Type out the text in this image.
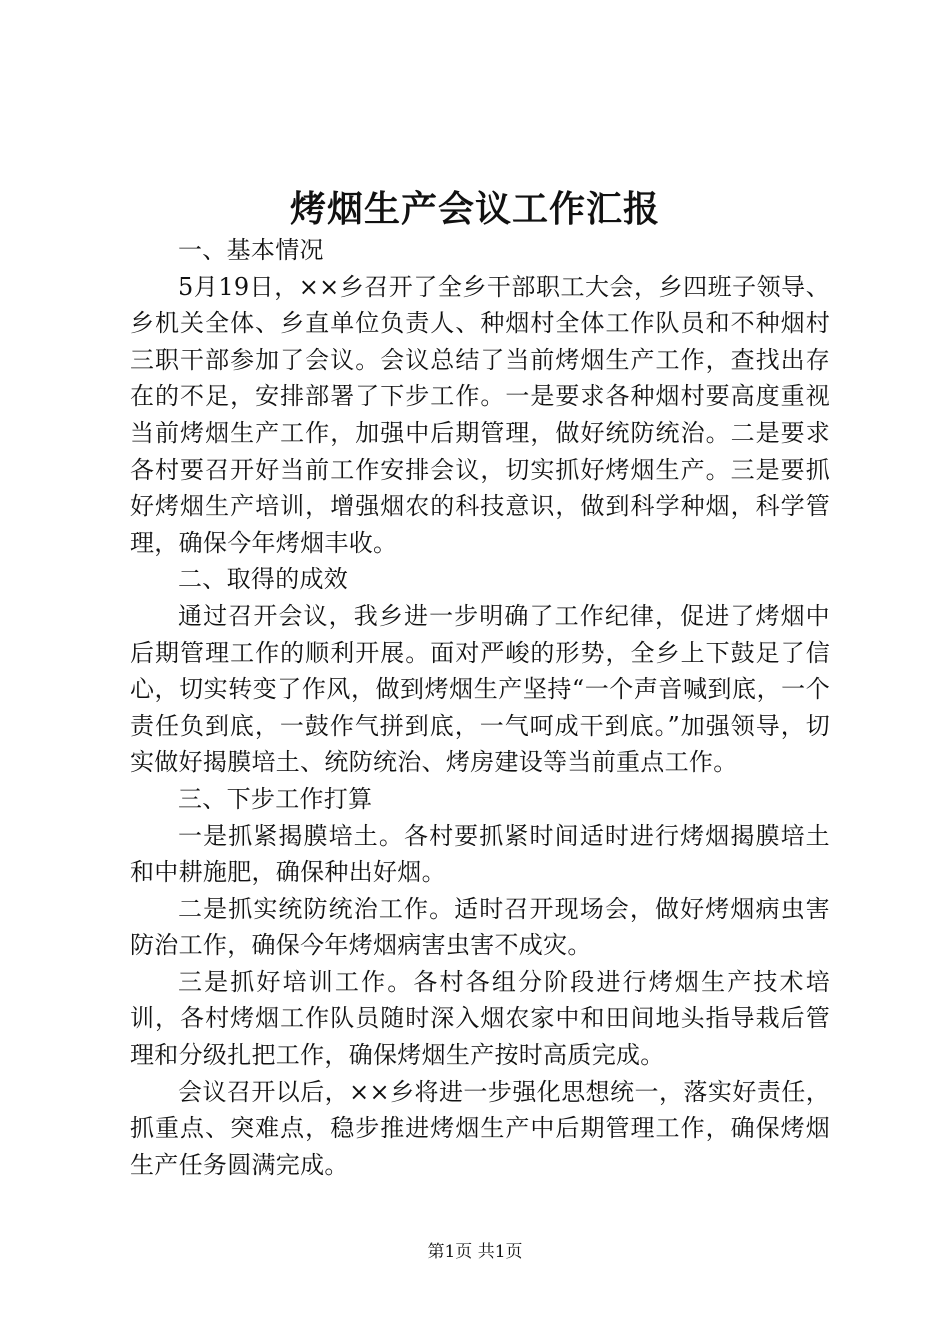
烤烟生产会议工作汇报

一、基本情况

5月19日，××乡召开了全乡干部职工大会，乡四班子领导、乡机关全体、乡直单位负责人、种烟村全体工作队员和不种烟村三职干部参加了会议。会议总结了当前烤烟生产工作，查找出存在的不足，安排部署了下步工作。一是要求各种烟村要高度重视当前烤烟生产工作，加强中后期管理，做好统防统治。二是要求各村要召开好当前工作安排会议，切实抓好烤烟生产。三是要抓好烤烟生产培训，增强烟农的科技意识，做到科学种烟，科学管理，确保今年烤烟丰收。

二、取得的成效

通过召开会议，我乡进一步明确了工作纪律，促进了烤烟中后期管理工作的顺利开展。面对严峻的形势，全乡上下鼓足了信心，切实转变了作风，做到烤烟生产坚持“一个声音喊到底，一个责任负到底，一鼓作气拼到底，一气呵成干到底。”加强领导，切实做好揭膜培土、统防统治、烤房建设等当前重点工作。

三、下步工作打算

一是抓紧揭膜培土。各村要抓紧时间适时进行烤烟揭膜培土和中耕施肥，确保种出好烟。

二是抓实统防统治工作。适时召开现场会，做好烤烟病虫害防治工作，确保今年烤烟病害虫害不成灾。

三是抓好培训工作。各村各组分阶段进行烤烟生产技术培训，各村烤烟工作队员随时深入烟农家中和田间地头指导栽后管理和分级扎把工作，确保烤烟生产按时高质完成。

会议召开以后，××乡将进一步强化思想统一，落实好责任，抓重点、突难点，稳步推进烤烟生产中后期管理工作，确保烤烟生产任务圆满完成。

第1页 共1页
